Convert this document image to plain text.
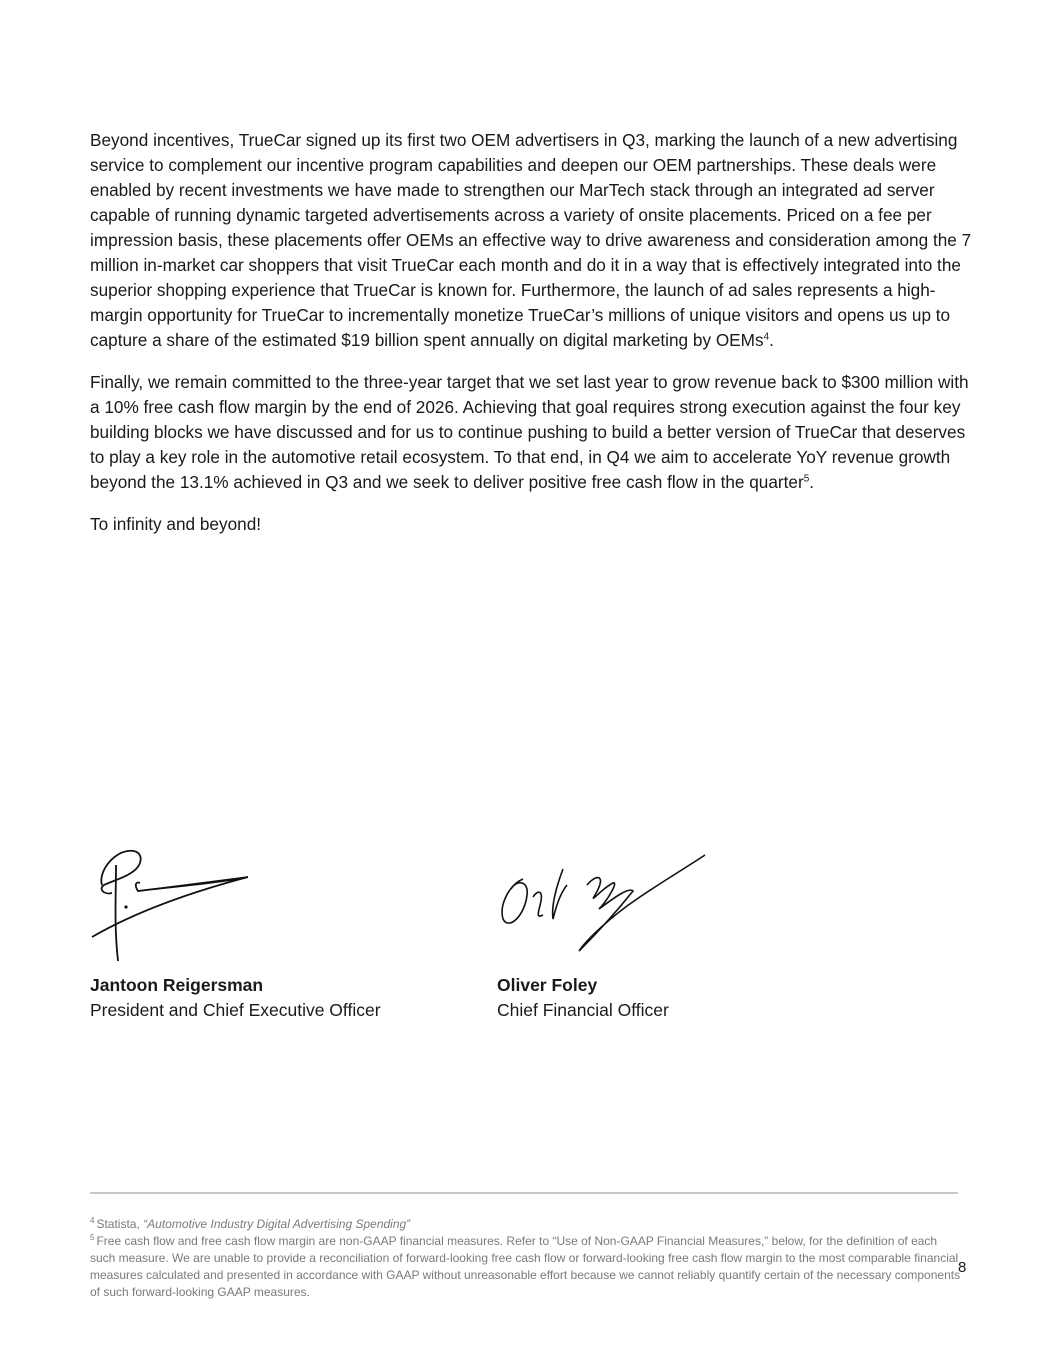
Beyond incentives, TrueCar signed up its first two OEM advertisers in Q3, marking the launch of a new advertising service to complement our incentive program capabilities and deepen our OEM partnerships. These deals were enabled by recent investments we have made to strengthen our MarTech stack through an integrated ad server capable of running dynamic targeted advertisements across a variety of onsite placements. Priced on a fee per impression basis, these placements offer OEMs an effective way to drive awareness and consideration among the 7 million in-market car shoppers that visit TrueCar each month and do it in a way that is effectively integrated into the superior shopping experience that TrueCar is known for. Furthermore, the launch of ad sales represents a high-margin opportunity for TrueCar to incrementally monetize TrueCar’s millions of unique visitors and opens us up to capture a share of the estimated $19 billion spent annually on digital marketing by OEMs$^4$.

Finally, we remain committed to the three-year target that we set last year to grow revenue back to $300 million with a 10% free cash flow margin by the end of 2026. Achieving that goal requires strong execution against the four key building blocks we have discussed and for us to continue pushing to build a better version of TrueCar that deserves to play a key role in the automotive retail ecosystem. To that end, in Q4 we aim to accelerate YoY revenue growth beyond the 13.1% achieved in Q3 and we seek to deliver positive free cash flow in the quarter$^5$.

To infinity and beyond!

Jantoon Reigersman
President and Chief Executive Officer
Oliver Foley
Chief Financial Officer

$^4$ Statista, “Automotive Industry Digital Advertising Spending”

$^5$ Free cash flow and free cash flow margin are non-GAAP financial measures. Refer to “Use of Non-GAAP Financial Measures,” below, for the definition of each such measure. We are unable to provide a reconciliation of forward-looking free cash flow or forward-looking free cash flow margin to the most comparable financial measures calculated and presented in accordance with GAAP without unreasonable effort because we cannot reliably quantify certain of the necessary components of such forward-looking GAAP measures.

8
